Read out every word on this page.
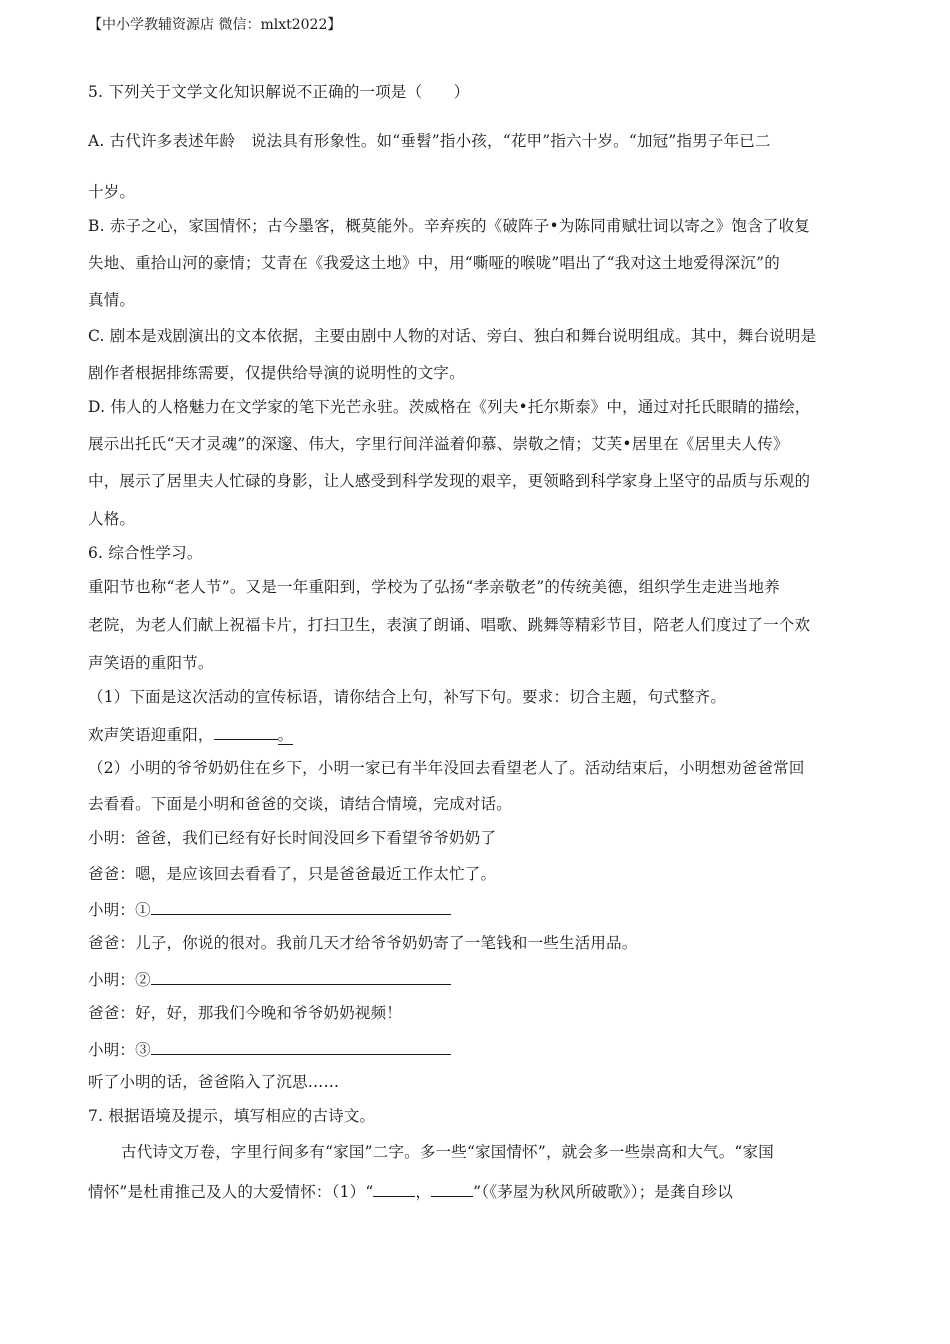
【中小学教辅资源店 微信：mlxt2022】
5. 下列关于文学文化知识解说不正确的一项是（　　）
A. 古代许多表述年龄　说法具有形象性。如“垂髫”指小孩，“花甲”指六十岁。“加冠”指男子年已二
十岁。
B. 赤子之心，家国情怀；古今墨客，概莫能外。辛弃疾的《破阵子•为陈同甫赋壮词以寄之》饱含了收复
失地、重拾山河的豪情；艾青在《我爱这土地》中，用“嘶哑的喉咙”唱出了“我对这土地爱得深沉”的
真情。
C. 剧本是戏剧演出的文本依据，主要由剧中人物的对话、旁白、独白和舞台说明组成。其中，舞台说明是
剧作者根据排练需要，仅提供给导演的说明性的文字。
D. 伟人的人格魅力在文学家的笔下光芒永驻。茨威格在《列夫•托尔斯泰》中，通过对托氏眼睛的描绘，
展示出托氏“天才灵魂”的深邃、伟大，字里行间洋溢着仰慕、崇敬之情；艾芙•居里在《居里夫人传》
中，展示了居里夫人忙碌的身影，让人感受到科学发现的艰辛，更领略到科学家身上坚守的品质与乐观的
人格。
6. 综合性学习。
重阳节也称“老人节”。又是一年重阳到，学校为了弘扬“孝亲敬老”的传统美德，组织学生走进当地养
老院，为老人们献上祝福卡片，打扫卫生，表演了朗诵、唱歌、跳舞等精彩节目，陪老人们度过了一个欢
声笑语的重阳节。
（1）下面是这次活动的宣传标语，请你结合上句，补写下句。要求：切合主题，句式整齐。
欢声笑语迎重阳，	。
（2）小明的爷爷奶奶住在乡下，小明一家已有半年没回去看望老人了。活动结束后，小明想劝爸爸常回
去看看。下面是小明和爸爸的交谈，请结合情境，完成对话。
小明：爸爸，我们已经有好长时间没回乡下看望爷爷奶奶了
爸爸：嗯，是应该回去看看了，只是爸爸最近工作太忙了。
小明：①
爸爸：儿子，你说的很对。我前几天才给爷爷奶奶寄了一笔钱和一些生活用品。
小明：②
爸爸：好，好，那我们今晚和爷爷奶奶视频！
小明：③
听了小明的话，爸爸陷入了沉思……
7. 根据语境及提示，填写相应的古诗文。
古代诗文万卷，字里行间多有“家国”二字。多一些“家国情怀”，就会多一些崇高和大气。“家国
情怀”是杜甫推己及人的大爱情怀：（1）“	，	”（《茅屋为秋风所破歌》）；是龚自珍以
